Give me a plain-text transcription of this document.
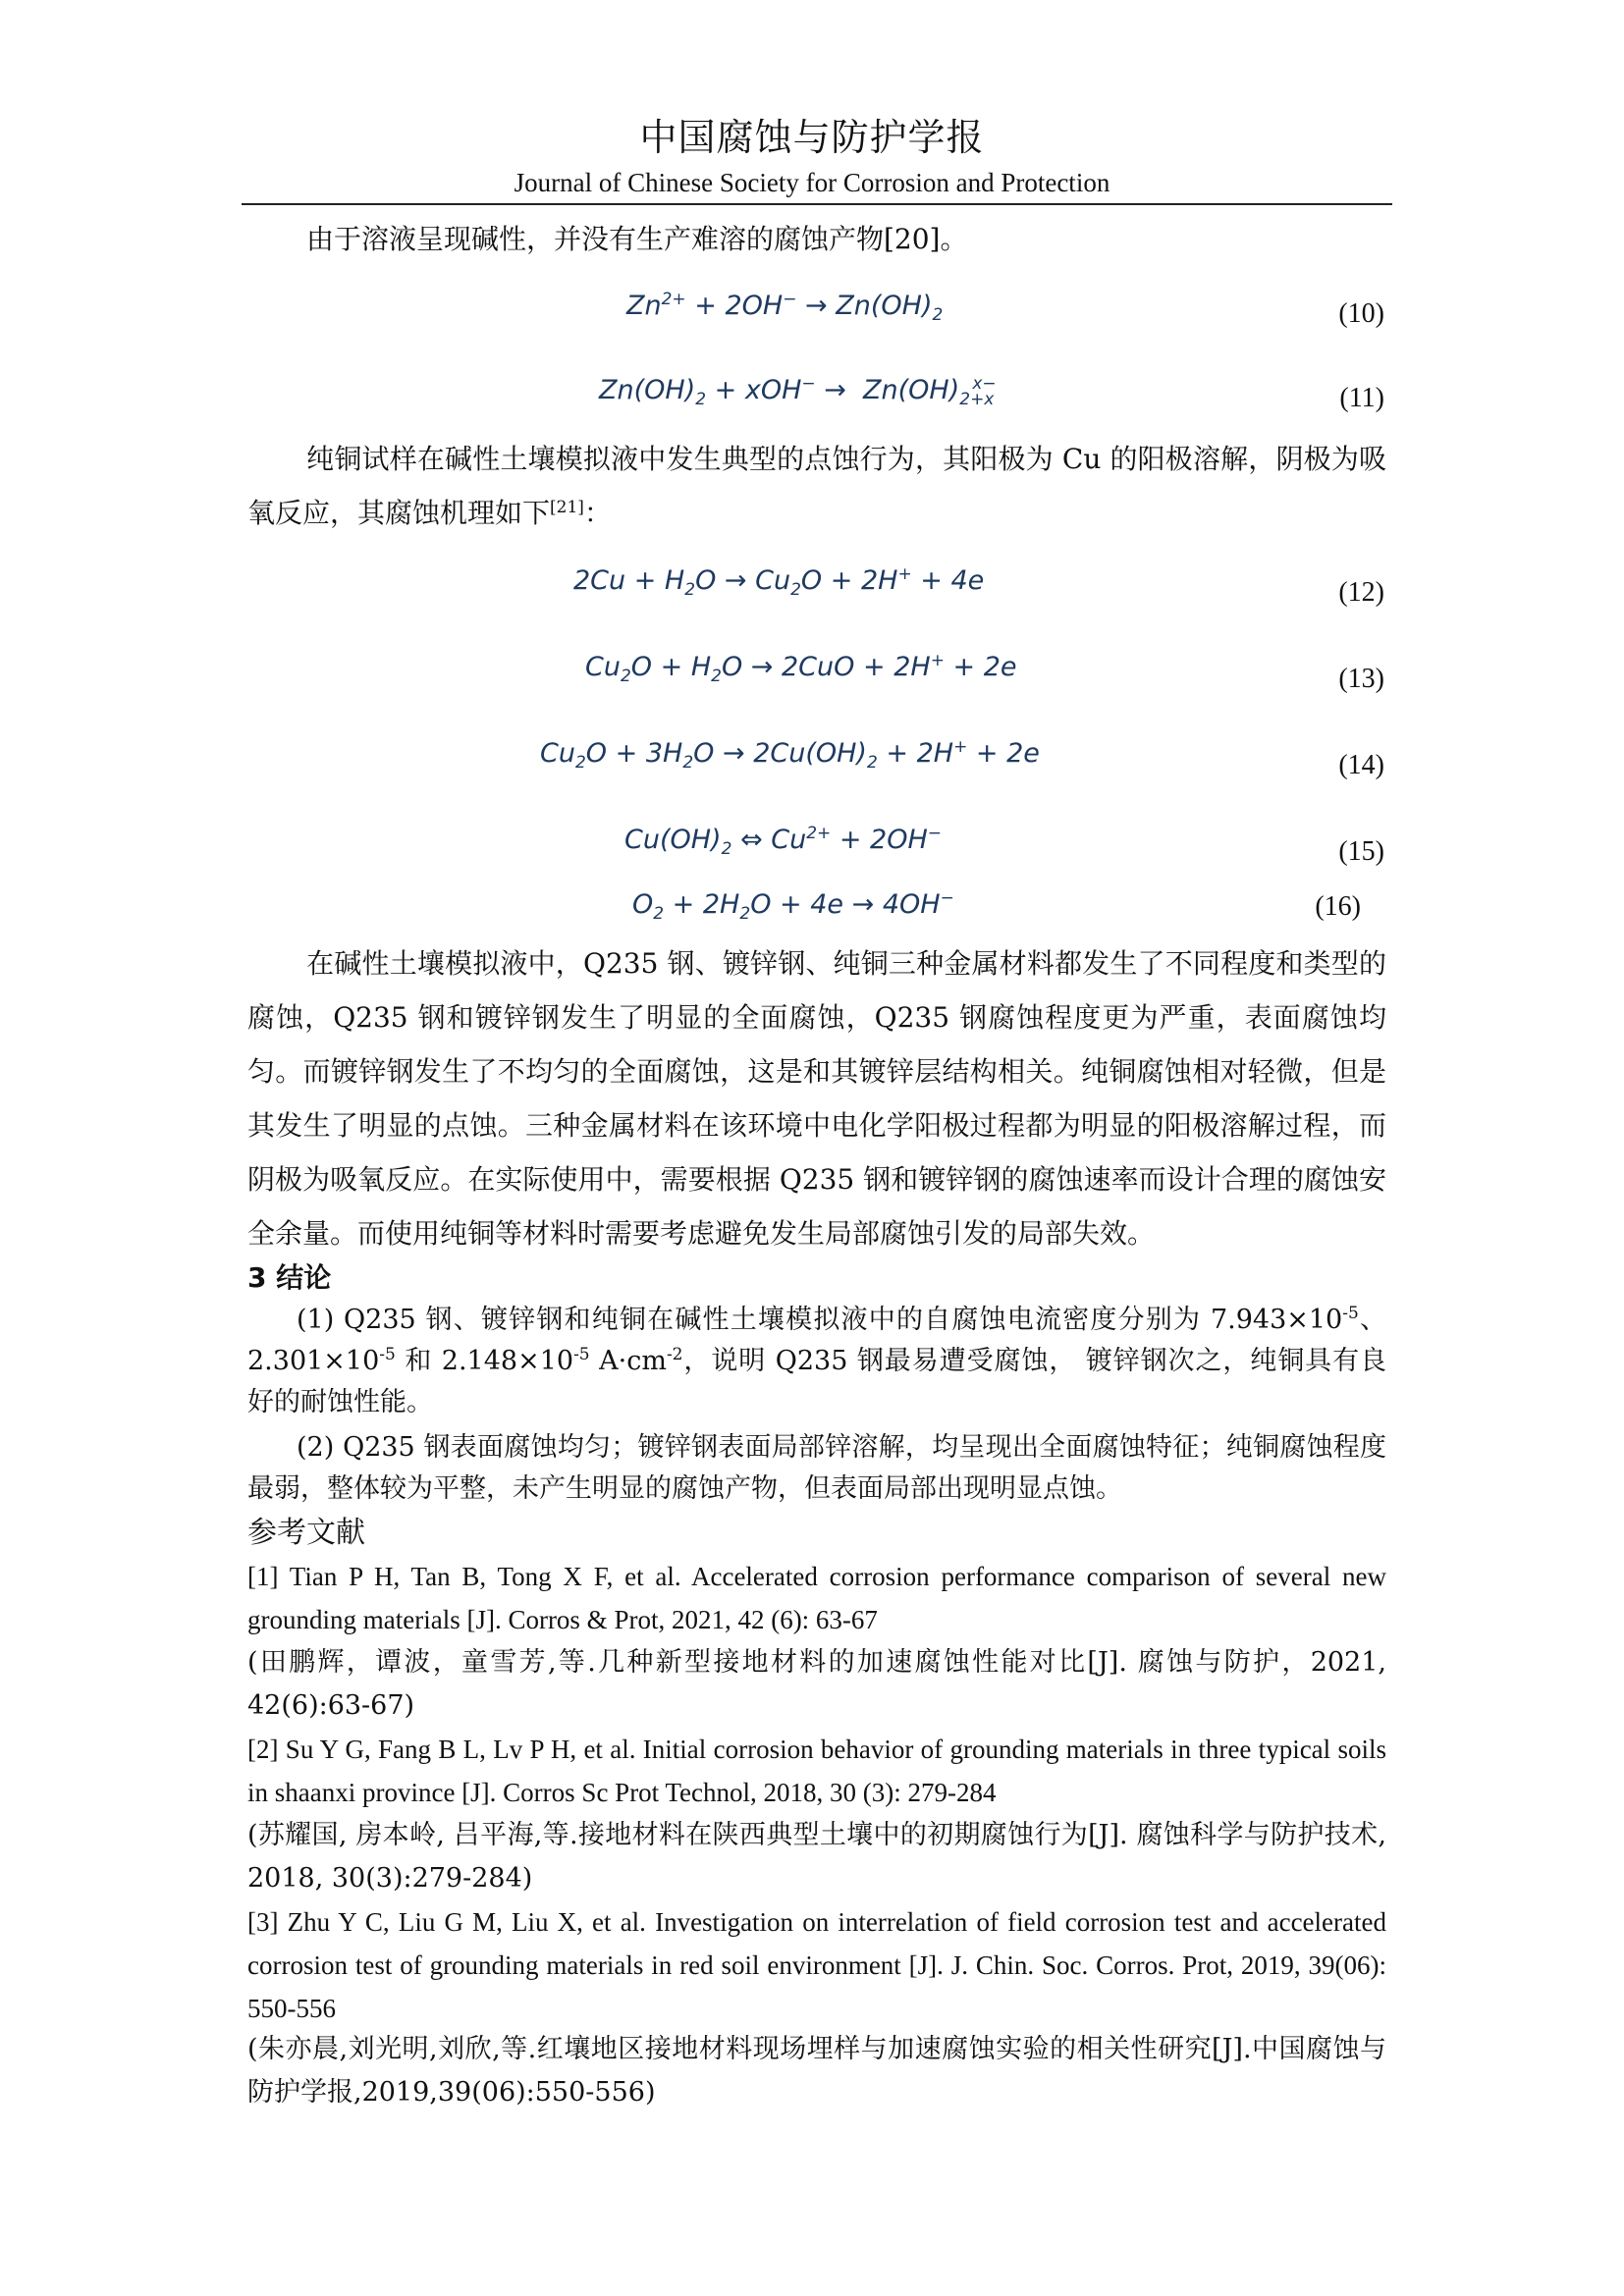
中国腐蚀与防护学报
Journal of Chinese Society for Corrosion and Protection
由于溶液呈现碱性，并没有生产难溶的腐蚀产物[20]。
$Zn^{2+} + 2OH^- \to Zn(OH)_2$	(10)
$Zn(OH)_2 + xOH^- \to Zn(OH)_{2+x}^{x-}$	(11)
纯铜试样在碱性土壤模拟液中发生典型的点蚀行为，其阳极为 Cu 的阳极溶解，阴极为吸氧反应，其腐蚀机理如下[21]：
$2Cu + H_2O \to Cu_2O + 2H^+ + 4e$	(12)
$Cu_2O + H_2O \to 2CuO + 2H^+ + 2e$	(13)
$Cu_2O + 3H_2O \to 2Cu(OH)_2 + 2H^+ + 2e$	(14)
$Cu(OH)_2$ ⇔ $Cu^{2+} + 2OH^-$
(15)
$O_2 + 2H_2O + 4e \to 4OH^-$	(16)
在碱性土壤模拟液中，Q235 钢、镀锌钢、纯铜三种金属材料都发生了不同程度和类型的腐蚀，Q235 钢和镀锌钢发生了明显的全面腐蚀，Q235 钢腐蚀程度更为严重，表面腐蚀均匀。而镀锌钢发生了不均匀的全面腐蚀，这是和其镀锌层结构相关。纯铜腐蚀相对轻微，但是其发生了明显的点蚀。三种金属材料在该环境中电化学阳极过程都为明显的阳极溶解过程，而阴极为吸氧反应。在实际使用中，需要根据 Q235 钢和镀锌钢的腐蚀速率而设计合理的腐蚀安全余量。而使用纯铜等材料时需要考虑避免发生局部腐蚀引发的局部失效。
3 结论
(1) Q235 钢、镀锌钢和纯铜在碱性土壤模拟液中的自腐蚀电流密度分别为 $7.943\times 10^{-5}$、$2.301\times 10^{-5}$ 和 $2.148\times 10^{-5}$ $A\cdot cm^{-2}$，说明 Q235 钢最易遭受腐蚀， 镀锌钢次之，纯铜具有良好的耐蚀性能。
(2) Q235 钢表面腐蚀均匀；镀锌钢表面局部锌溶解，均呈现出全面腐蚀特征；纯铜腐蚀程度最弱，整体较为平整，未产生明显的腐蚀产物，但表面局部出现明显点蚀。
参考文献
[1] Tian P H, Tan B, Tong X F, et al. Accelerated corrosion performance comparison of several new grounding materials [J]. Corros & Prot, 2021, 42 (6): 63-67
(田鹏辉，谭波，童雪芳,等.几种新型接地材料的加速腐蚀性能对比[J]. 腐蚀与防护，2021, 42(6):63-67)
[2] Su Y G, Fang B L, Lv P H, et al. Initial corrosion behavior of grounding materials in three typical soils in shaanxi province [J]. Corros Sc Prot Technol, 2018, 30 (3): 279-284
(苏耀国, 房本岭, 吕平海,等.接地材料在陕西典型土壤中的初期腐蚀行为[J]. 腐蚀科学与防护技术, 2018, 30(3):279-284)
[3] Zhu Y C, Liu G M, Liu X, et al. Investigation on interrelation of field corrosion test and accelerated corrosion test of grounding materials in red soil environment [J]. J. Chin. Soc. Corros. Prot, 2019, 39(06): 550-556
(朱亦晨,刘光明,刘欣,等.红壤地区接地材料现场埋样与加速腐蚀实验的相关性研究[J].中国腐蚀与防护学报,2019,39(06):550-556)
